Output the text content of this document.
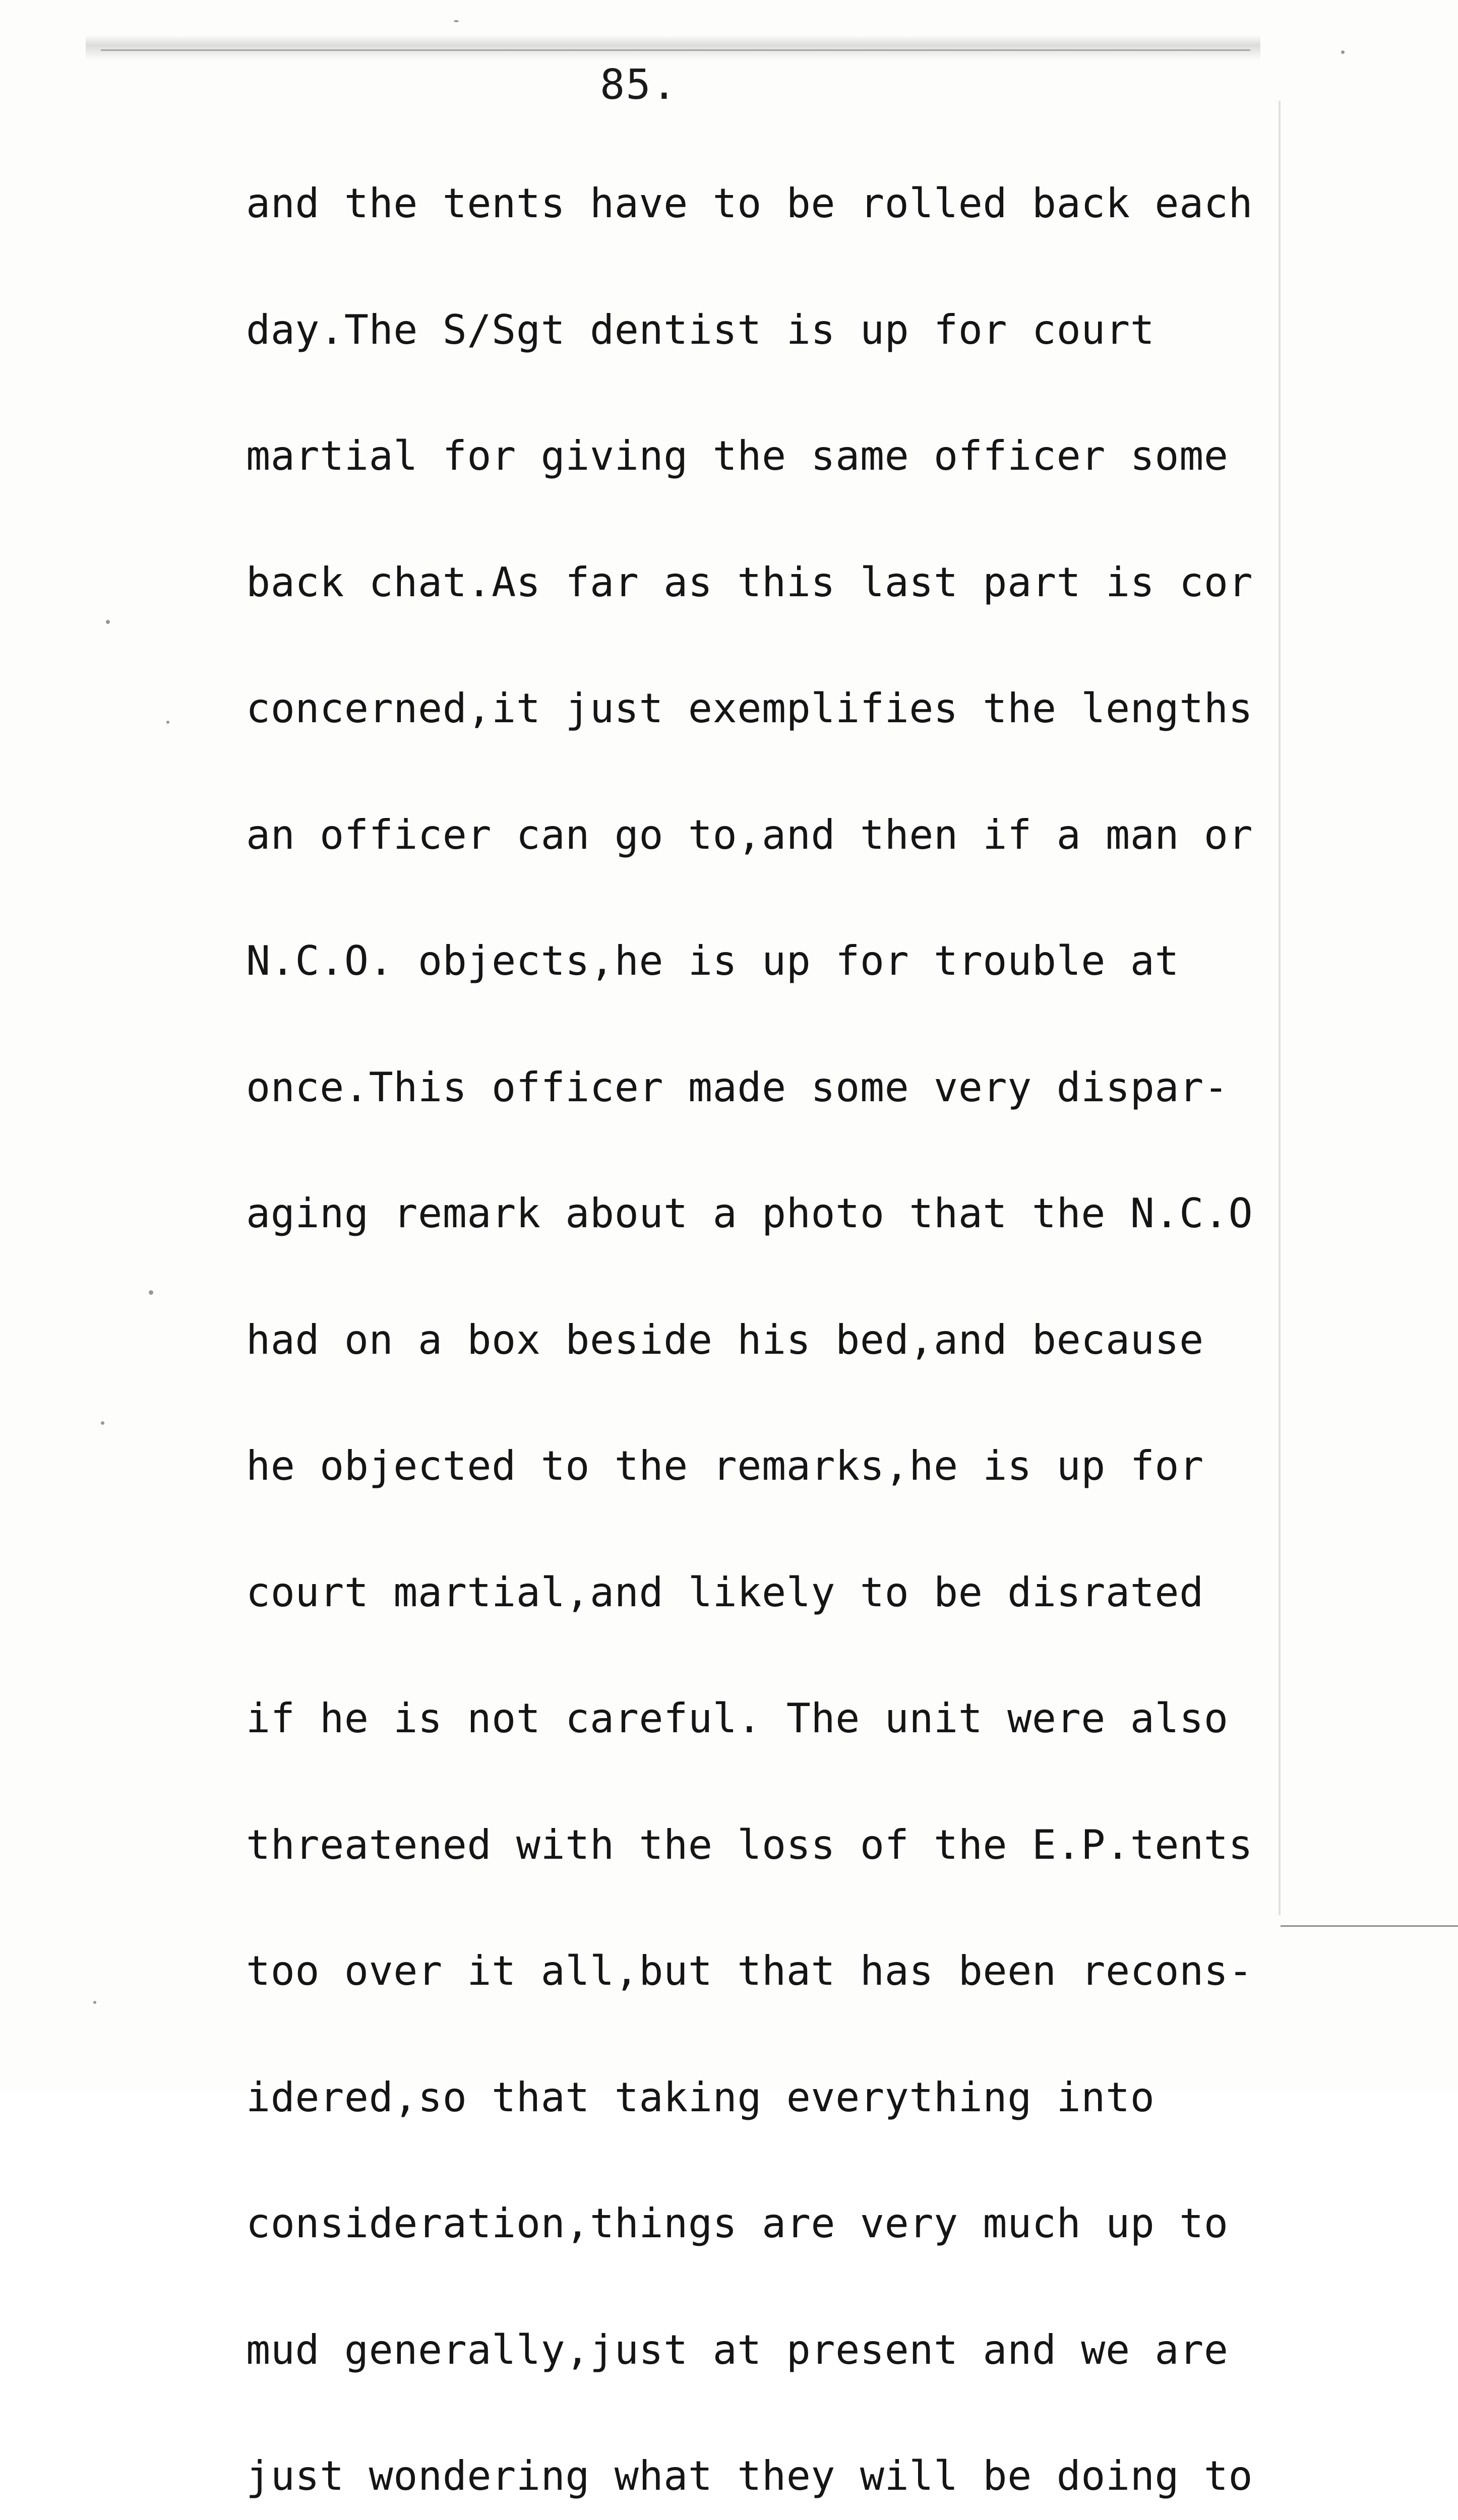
85.

and the tents have to be rolled back each

day.The S/Sgt dentist is up for court

martial for giving the same officer some

back chat.As far as this last part is cor

concerned,it just exemplifies the lengths

an officer can go to,and then if a man or

N.C.O. objects,he is up for trouble at

once.This officer made some very dispar-

aging remark about a photo that the N.C.O

had on a box beside his bed,and because

he objected to the remarks,he is up for

court martial,and likely to be disrated

if he is not careful. The unit were also

threatened with the loss of the E.P.tents

too over it all,but that has been recons-

idered,so that taking everything into

consideration,things are very much up to

mud generally,just at present and we are

just wondering what they will be doing to
